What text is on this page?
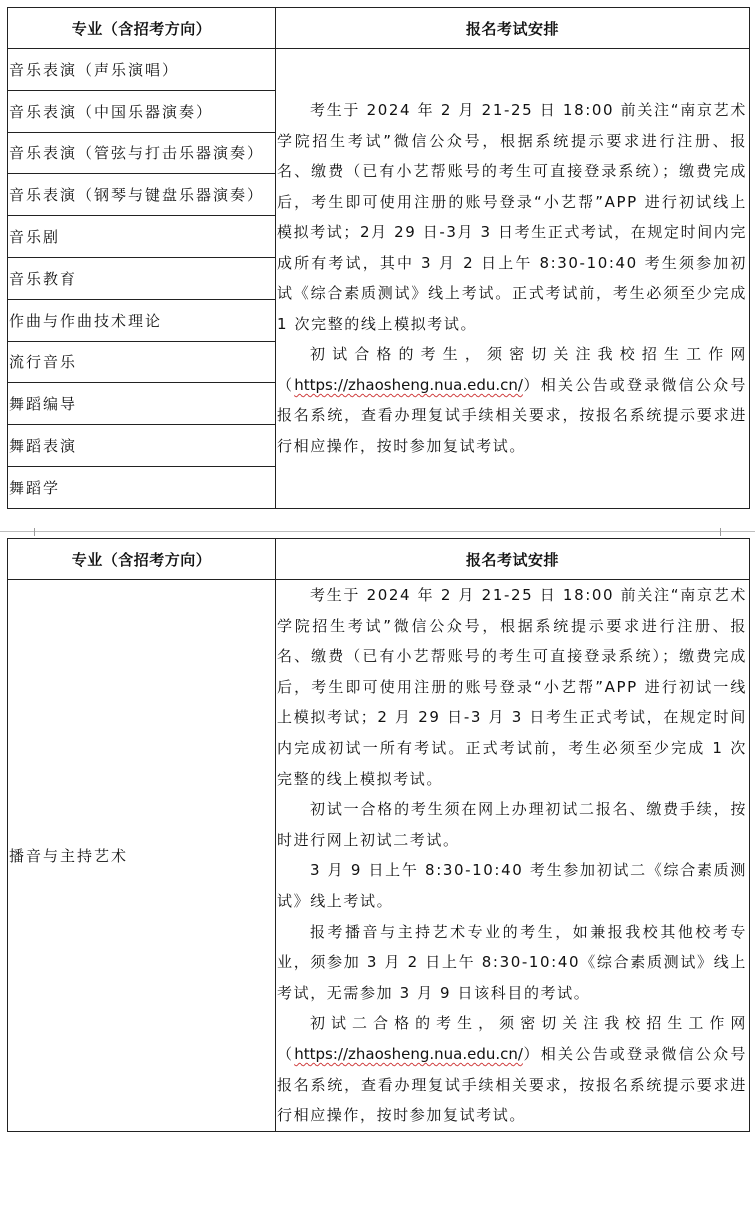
专业（含招考方向）	报名考试安排
音乐表演（声乐演唱）	考生于 2024 年 2 月 21-25 日 18:00 前关注“南京艺术学院招生考试”微信公众号，根据系统提示要求进行注册、报名、缴费（已有小艺帮账号的考生可直接登录系统）；缴费完成后，考生即可使用注册的账号登录“小艺帮”APP 进行初试线上模拟考试；2月 29 日-3月 3 日考生正式考试，在规定时间内完成所有考试，其中 3 月 2 日上午 8:30-10:40 考生须参加初试《综合素质测试》线上考试。正式考试前，考生必须至少完成 1 次完整的线上模拟考试。

初试合格的考生，须密切关注我校招生工作网（https://zhaosheng.nua.edu.cn/）相关公告或登录微信公众号报名系统，查看办理复试手续相关要求，按报名系统提示要求进行相应操作，按时参加复试考试。

音乐表演（中国乐器演奏）	
音乐表演（管弦与打击乐器演奏）	
音乐表演（钢琴与键盘乐器演奏）	
音乐剧	
音乐教育	
作曲与作曲技术理论	
流行音乐	
舞蹈编导	
舞蹈表演	
舞蹈学	
专业（含招考方向）	报名考试安排
播音与主持艺术	考生于 2024 年 2 月 21-25 日 18:00 前关注“南京艺术学院招生考试”微信公众号，根据系统提示要求进行注册、报名、缴费（已有小艺帮账号的考生可直接登录系统）；缴费完成后，考生即可使用注册的账号登录“小艺帮”APP 进行初试一线上模拟考试；2 月 29 日-3 月 3 日考生正式考试，在规定时间内完成初试一所有考试。正式考试前，考生必须至少完成 1 次完整的线上模拟考试。

初试一合格的考生须在网上办理初试二报名、缴费手续，按时进行网上初试二考试。

3 月 9 日上午 8:30-10:40 考生参加初试二《综合素质测试》线上考试。

报考播音与主持艺术专业的考生，如兼报我校其他校考专业，须参加 3 月 2 日上午 8:30-10:40《综合素质测试》线上考试，无需参加 3 月 9 日该科目的考试。

初试二合格的考生，须密切关注我校招生工作网（https://zhaosheng.nua.edu.cn/）相关公告或登录微信公众号报名系统，查看办理复试手续相关要求，按报名系统提示要求进行相应操作，按时参加复试考试。
